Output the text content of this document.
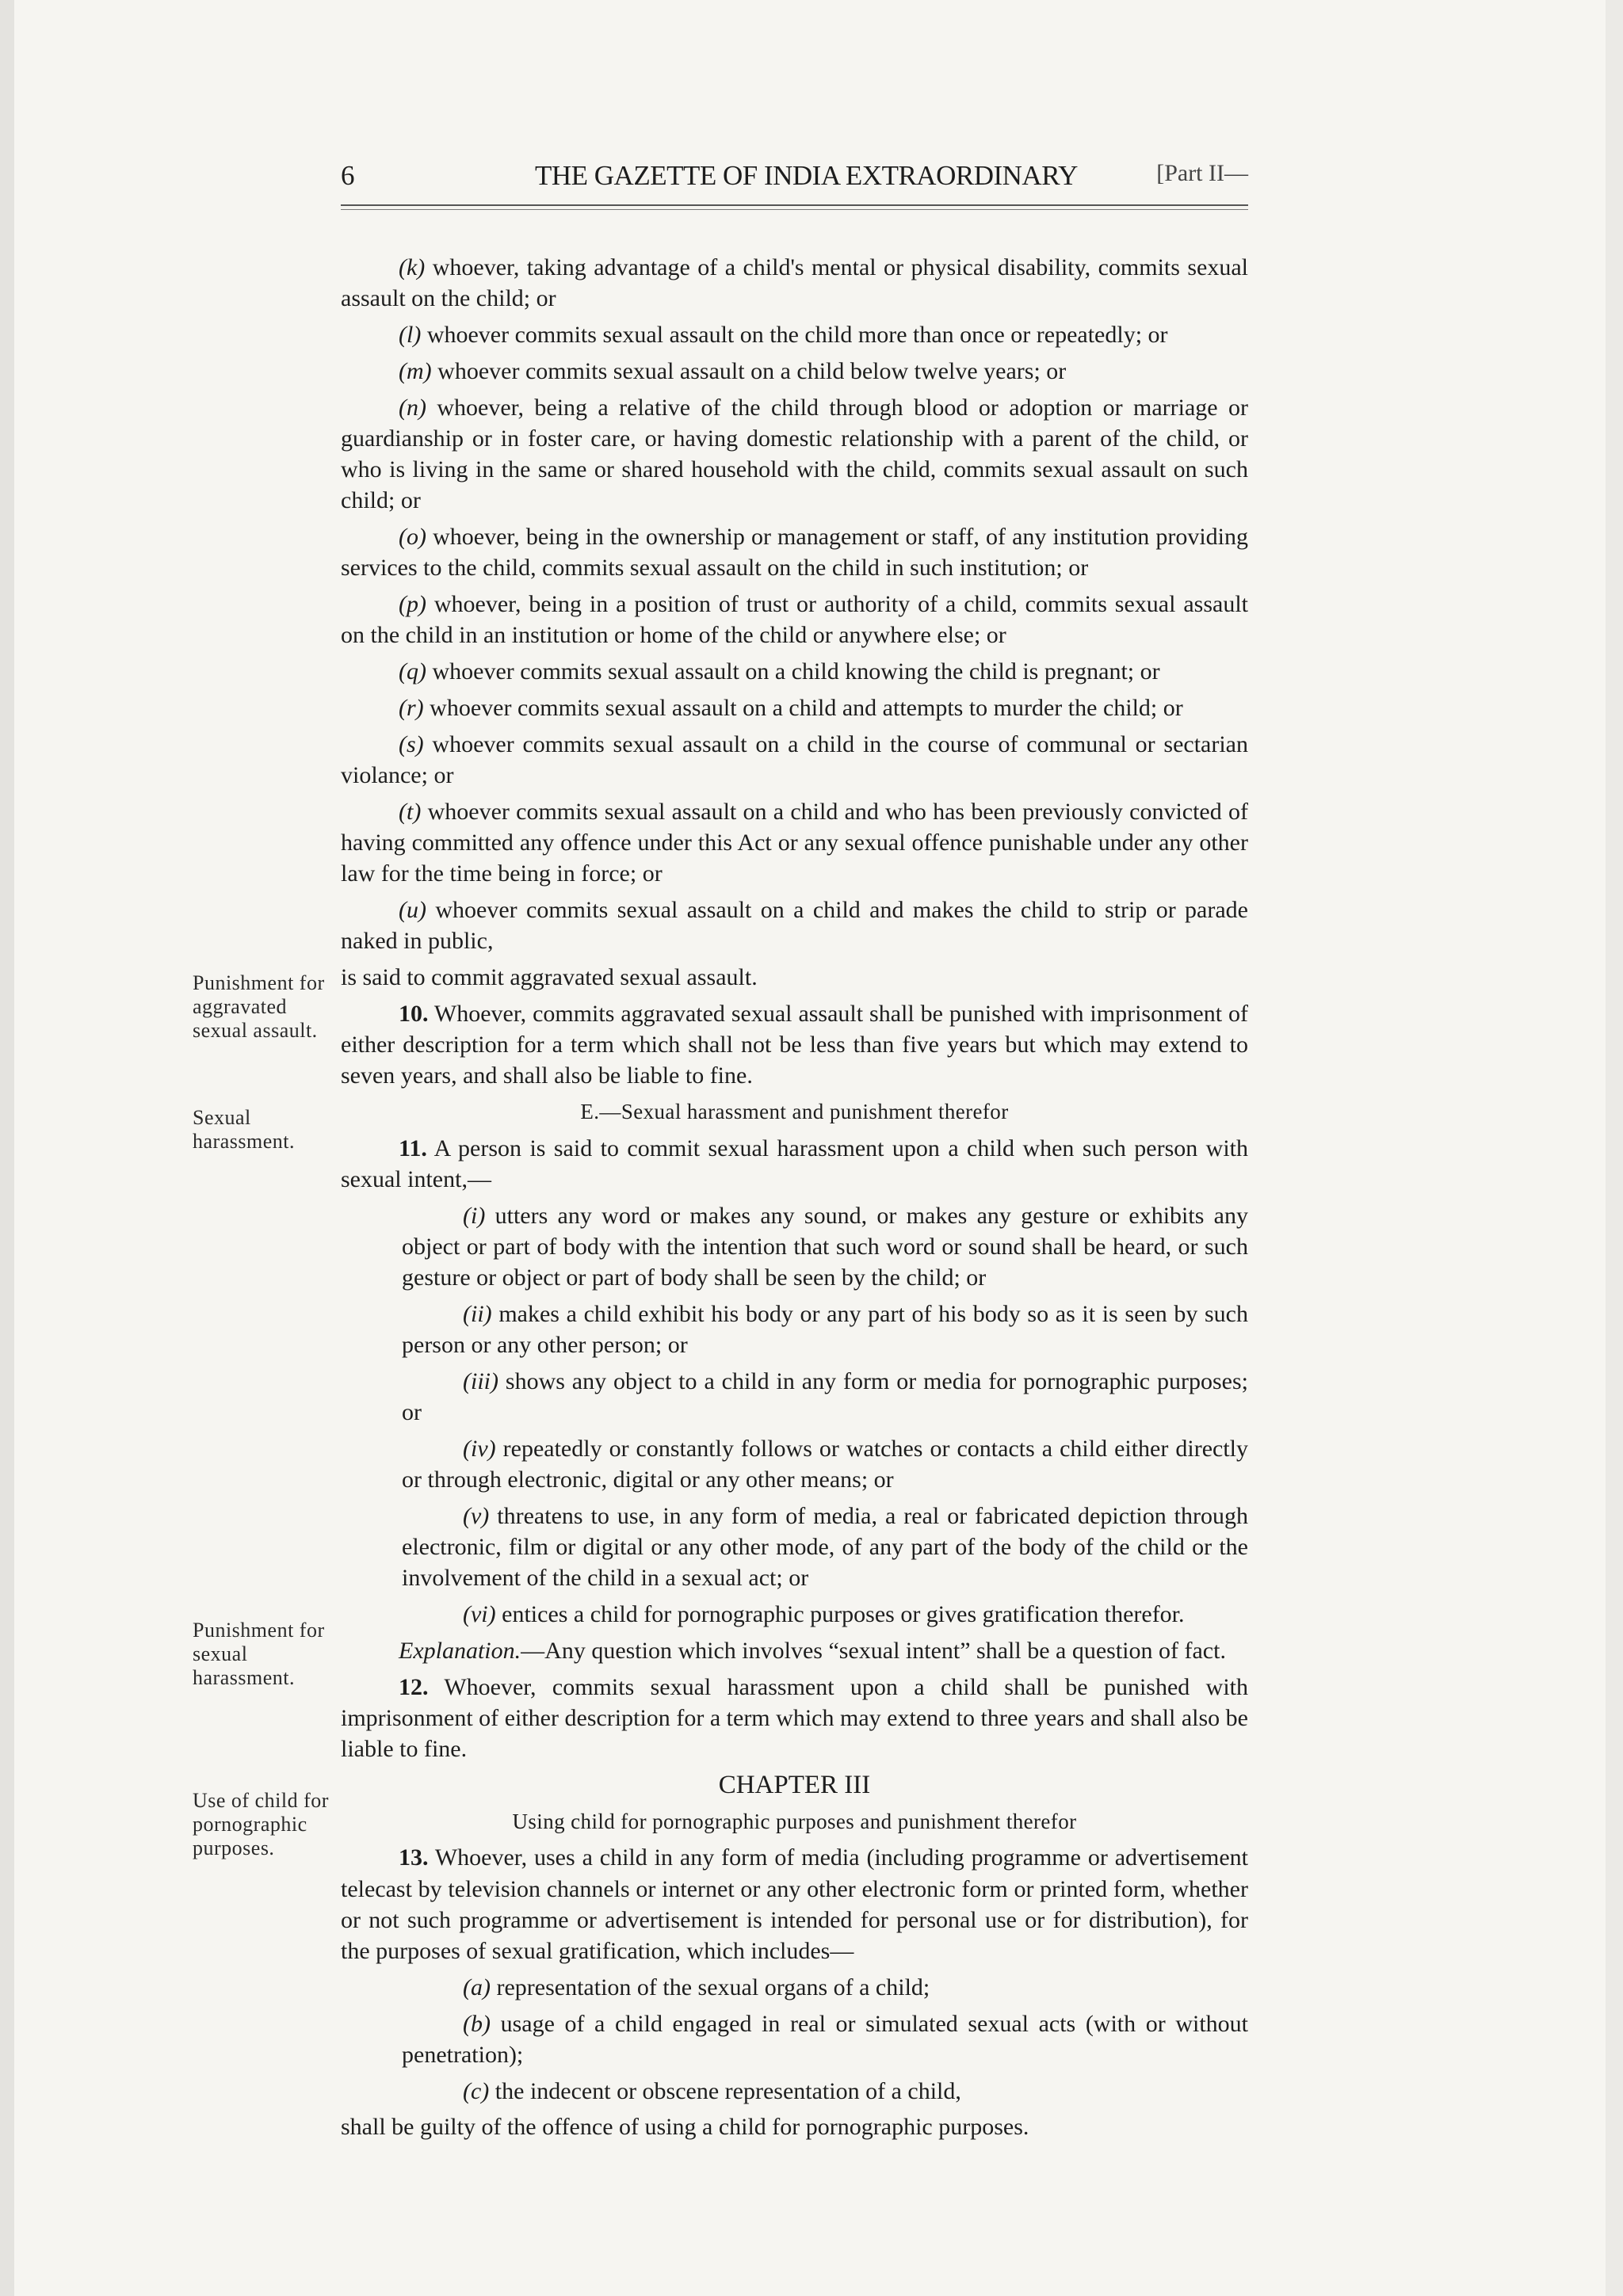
6	THE GAZETTE OF INDIA EXTRAORDINARY	[Part II—
Punishment for aggravated sexual assault.
Sexual harassment.
Punishment for sexual harassment.
Use of child for pornographic purposes.

(k) whoever, taking advantage of a child's mental or physical disability, commits sexual assault on the child; or

(l) whoever commits sexual assault on the child more than once or repeatedly; or

(m) whoever commits sexual assault on a child below twelve years; or

(n) whoever, being a relative of the child through blood or adoption or marriage or guardianship or in foster care, or having domestic relationship with a parent of the child, or who is living in the same or shared household with the child, commits sexual assault on such child; or

(o) whoever, being in the ownership or management or staff, of any institution providing services to the child, commits sexual assault on the child in such institution; or

(p) whoever, being in a position of trust or authority of a child, commits sexual assault on the child in an institution or home of the child or anywhere else; or

(q) whoever commits sexual assault on a child knowing the child is pregnant; or

(r) whoever commits sexual assault on a child and attempts to murder the child; or

(s) whoever commits sexual assault on a child in the course of communal or sectarian violance; or

(t) whoever commits sexual assault on a child and who has been previously convicted of having committed any offence under this Act or any sexual offence punishable under any other law for the time being in force; or

(u) whoever commits sexual assault on a child and makes the child to strip or parade naked in public,

is said to commit aggravated sexual assault.

10. Whoever, commits aggravated sexual assault shall be punished with imprisonment of either description for a term which shall not be less than five years but which may extend to seven years, and shall also be liable to fine.

E.—Sexual harassment and punishment therefor

11. A person is said to commit sexual harassment upon a child when such person with sexual intent,—

(i) utters any word or makes any sound, or makes any gesture or exhibits any object or part of body with the intention that such word or sound shall be heard, or such gesture or object or part of body shall be seen by the child; or

(ii) makes a child exhibit his body or any part of his body so as it is seen by such person or any other person; or

(iii) shows any object to a child in any form or media for pornographic purposes; or

(iv) repeatedly or constantly follows or watches or contacts a child either directly or through electronic, digital or any other means; or

(v) threatens to use, in any form of media, a real or fabricated depiction through electronic, film or digital or any other mode, of any part of the body of the child or the involvement of the child in a sexual act; or

(vi) entices a child for pornographic purposes or gives gratification therefor.

Explanation.—Any question which involves “sexual intent” shall be a question of fact.

12. Whoever, commits sexual harassment upon a child shall be punished with imprisonment of either description for a term which may extend to three years and shall also be liable to fine.

CHAPTER III

Using child for pornographic purposes and punishment therefor

13. Whoever, uses a child in any form of media (including programme or advertisement telecast by television channels or internet or any other electronic form or printed form, whether or not such programme or advertisement is intended for personal use or for distribution), for the purposes of sexual gratification, which includes—

(a) representation of the sexual organs of a child;

(b) usage of a child engaged in real or simulated sexual acts (with or without penetration);

(c) the indecent or obscene representation of a child,

shall be guilty of the offence of using a child for pornographic purposes.
